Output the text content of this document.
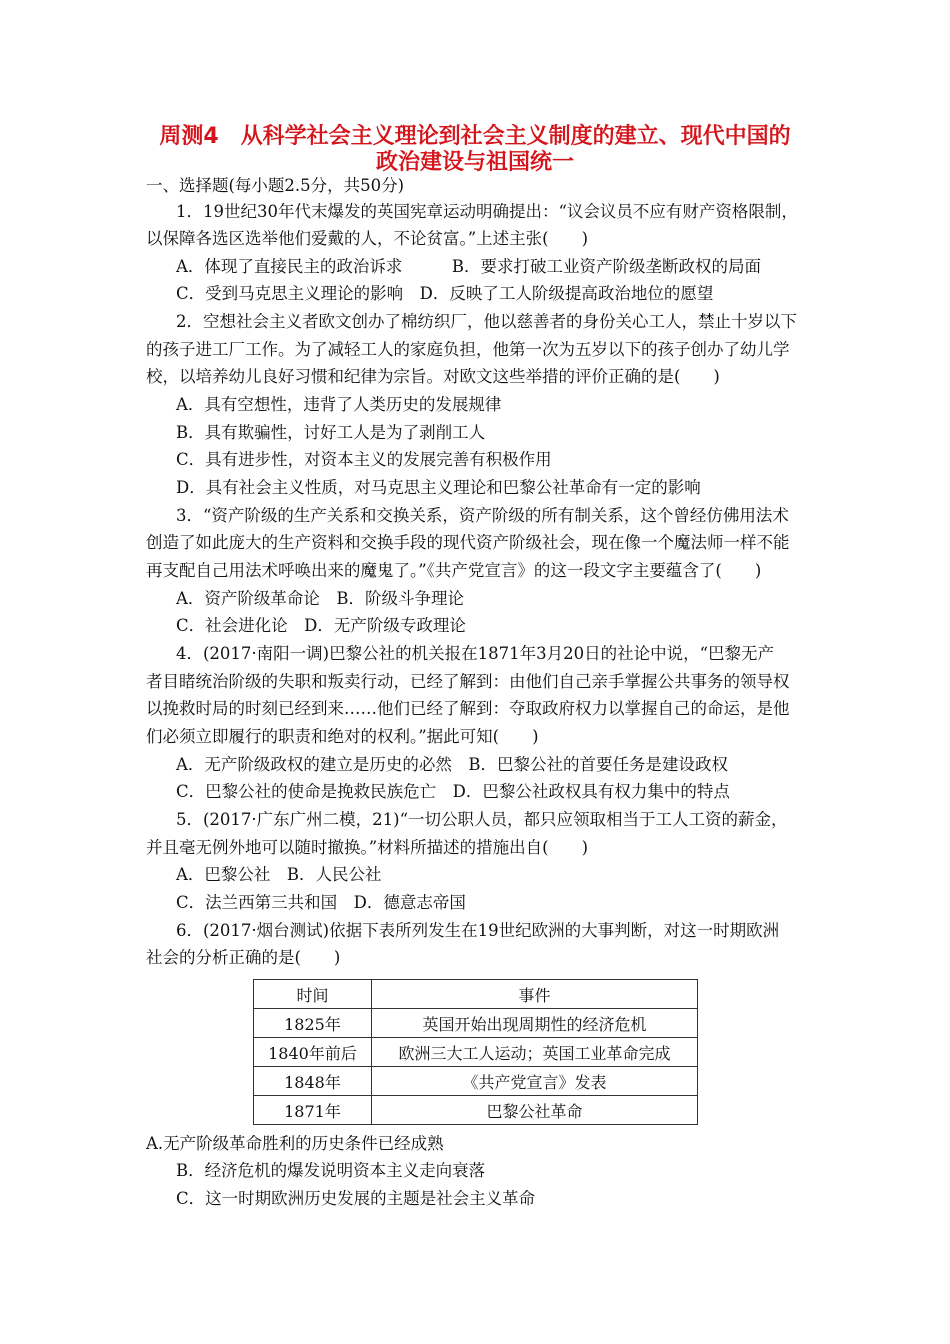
周测4　从科学社会主义理论到社会主义制度的建立、现代中国的
政治建设与祖国统一
一、选择题(每小题2.5分，共50分)
1．19世纪30年代末爆发的英国宪章运动明确提出：“议会议员不应有财产资格限制，
以保障各选区选举他们爱戴的人，不论贫富。”上述主张(　　)
A．体现了直接民主的政治诉求　　　B．要求打破工业资产阶级垄断政权的局面
C．受到马克思主义理论的影响　D．反映了工人阶级提高政治地位的愿望
2．空想社会主义者欧文创办了棉纺织厂，他以慈善者的身份关心工人，禁止十岁以下
的孩子进工厂工作。为了减轻工人的家庭负担，他第一次为五岁以下的孩子创办了幼儿学
校，以培养幼儿良好习惯和纪律为宗旨。对欧文这些举措的评价正确的是(　　)
A．具有空想性，违背了人类历史的发展规律
B．具有欺骗性，讨好工人是为了剥削工人
C．具有进步性，对资本主义的发展完善有积极作用
D．具有社会主义性质，对马克思主义理论和巴黎公社革命有一定的影响
3．“资产阶级的生产关系和交换关系，资产阶级的所有制关系，这个曾经仿佛用法术
创造了如此庞大的生产资料和交换手段的现代资产阶级社会，现在像一个魔法师一样不能
再支配自己用法术呼唤出来的魔鬼了。”《共产党宣言》的这一段文字主要蕴含了(　　)
A．资产阶级革命论　B．阶级斗争理论
C．社会进化论　D．无产阶级专政理论
4．(2017·南阳一调)巴黎公社的机关报在1871年3月20日的社论中说，“巴黎无产
者目睹统治阶级的失职和叛卖行动，已经了解到：由他们自己亲手掌握公共事务的领导权
以挽救时局的时刻已经到来……他们已经了解到：夺取政府权力以掌握自己的命运，是他
们必须立即履行的职责和绝对的权利。”据此可知(　　)
A．无产阶级政权的建立是历史的必然　B．巴黎公社的首要任务是建设政权
C．巴黎公社的使命是挽救民族危亡　D．巴黎公社政权具有权力集中的特点
5．(2017·广东广州二模，21)“一切公职人员，都只应领取相当于工人工资的薪金，
并且毫无例外地可以随时撤换。”材料所描述的措施出自(　　)
A．巴黎公社　B．人民公社
C．法兰西第三共和国　D．德意志帝国
6．(2017·烟台测试)依据下表所列发生在19世纪欧洲的大事判断，对这一时期欧洲
社会的分析正确的是(　　)
时间	事件
1825年	英国开始出现周期性的经济危机
1840年前后	欧洲三大工人运动；英国工业革命完成
1848年	《共产党宣言》发表
1871年	巴黎公社革命
A.无产阶级革命胜利的历史条件已经成熟
B．经济危机的爆发说明资本主义走向衰落
C．这一时期欧洲历史发展的主题是社会主义革命
